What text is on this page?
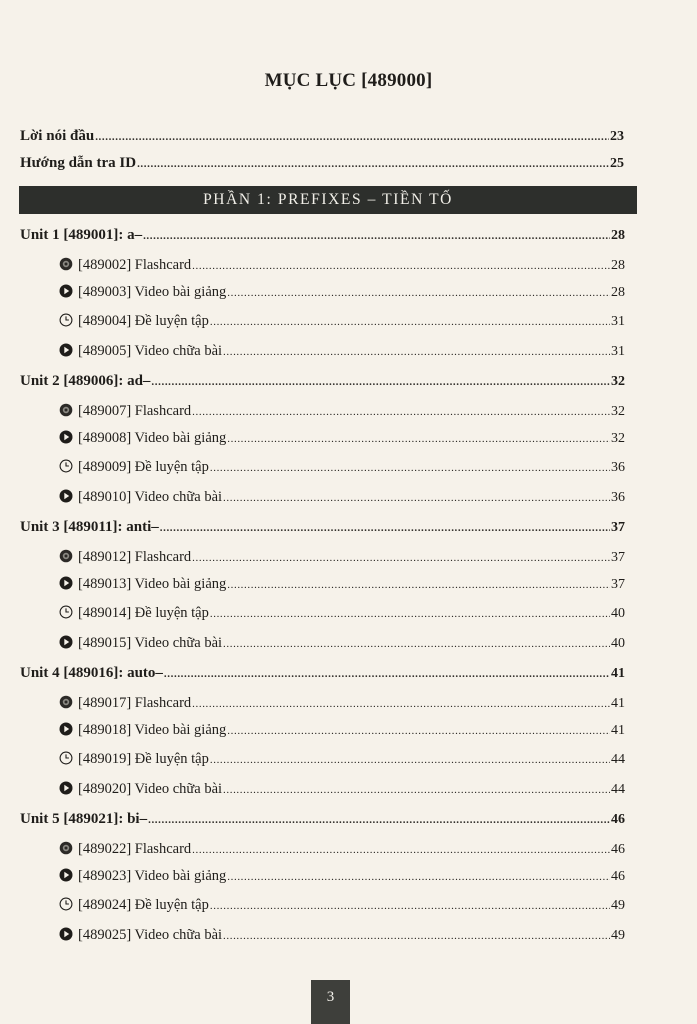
MỤC LỤC [489000]
Lời nói đầu .....	23
Hướng dẫn tra ID .....	25
PHẦN 1: PREFIXES – TIỀN TỐ
Unit 1 [489001]: a– .....	28
[489002] Flashcard .....	28
[489003] Video bài giảng .....	28
[489004] Đề luyện tập .....	31
[489005] Video chữa bài .....	31
Unit 2 [489006]: ad– .....	32
[489007] Flashcard .....	32
[489008] Video bài giảng .....	32
[489009] Đề luyện tập .....	36
[489010] Video chữa bài .....	36
Unit 3 [489011]: anti– .....	37
[489012] Flashcard .....	37
[489013] Video bài giảng .....	37
[489014] Đề luyện tập .....	40
[489015] Video chữa bài .....	40
Unit 4 [489016]: auto– .....	41
[489017] Flashcard .....	41
[489018] Video bài giảng .....	41
[489019] Đề luyện tập .....	44
[489020] Video chữa bài .....	44
Unit 5 [489021]: bi– .....	46
[489022] Flashcard .....	46
[489023] Video bài giảng .....	46
[489024] Đề luyện tập .....	49
[489025] Video chữa bài .....	49
3
